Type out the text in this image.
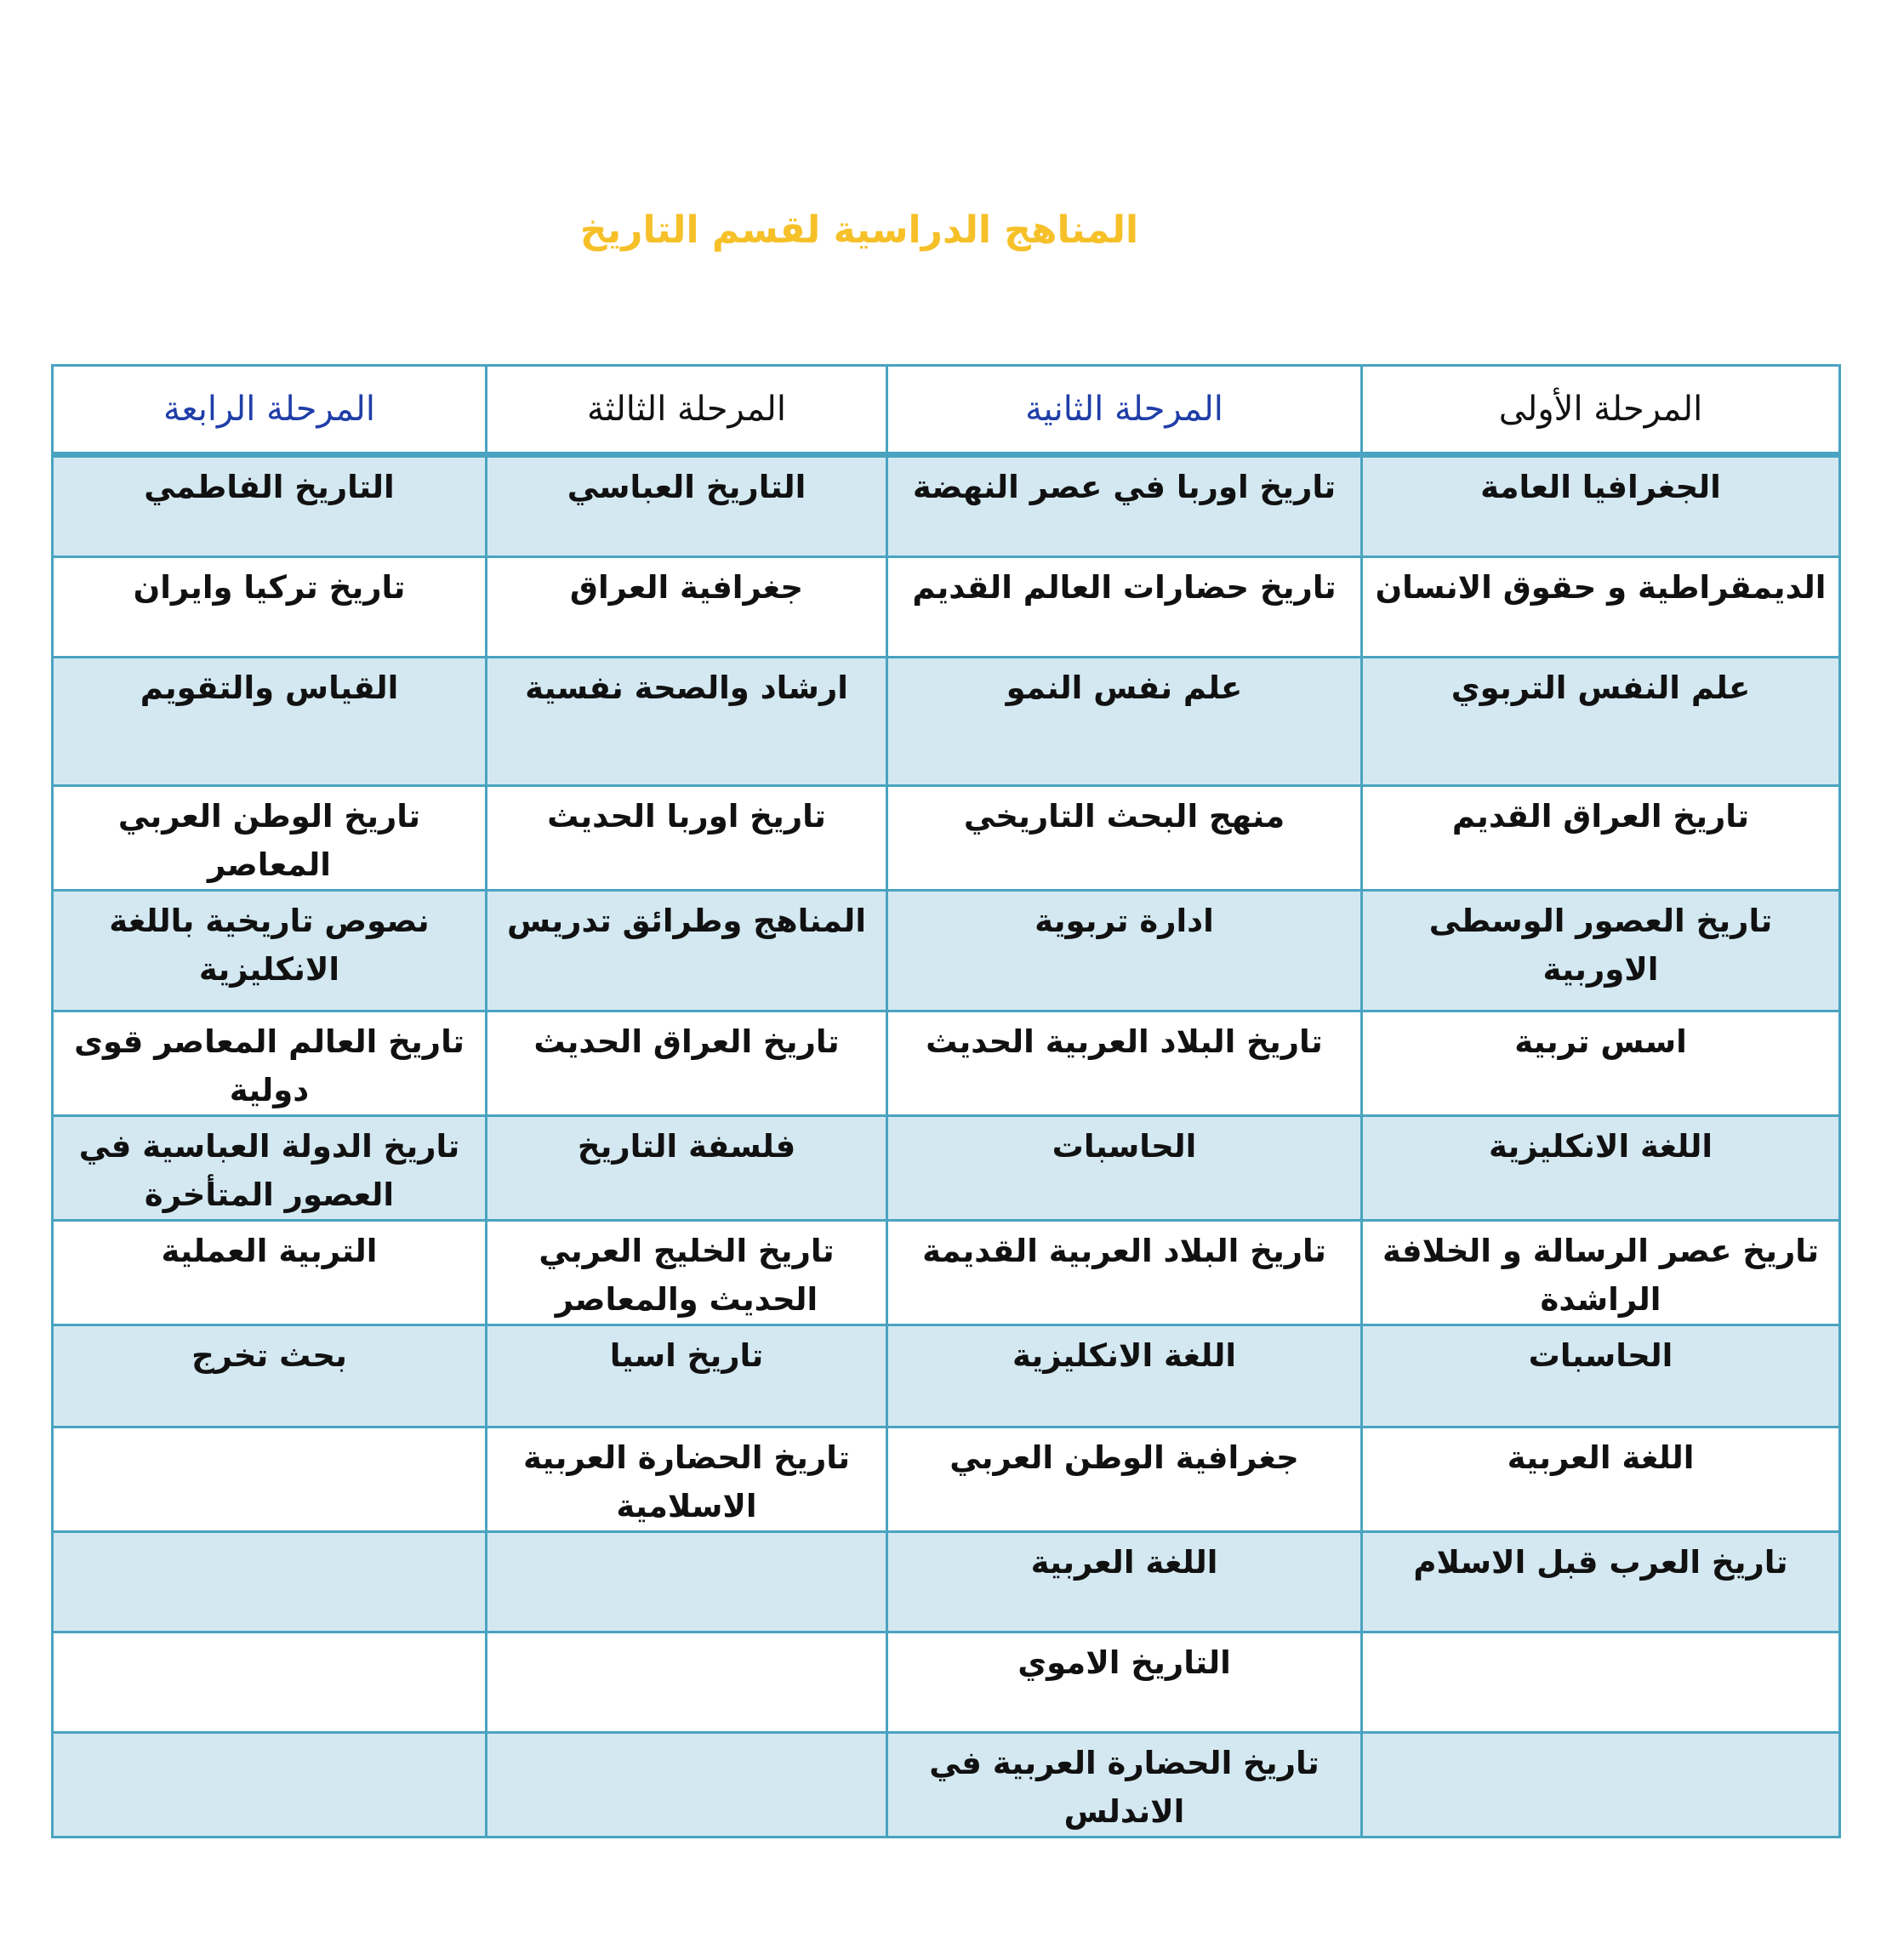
المناهج الدراسية لقسم التاريخ
المرحلة الأولى	المرحلة الثانية	المرحلة الثالثة	المرحلة الرابعة
الجغرافيا العامة	تاريخ اوربا في عصر النهضة	التاريخ العباسي	التاريخ الفاطمي
الديمقراطية و حقوق الانسان	تاريخ حضارات العالم القديم	جغرافية العراق	تاريخ تركيا وايران
علم النفس التربوي	علم نفس النمو	ارشاد والصحة نفسية	القياس والتقويم
تاريخ العراق القديم	منهج البحث التاريخي	تاريخ اوربا الحديث	تاريخ الوطن العربي المعاصر
تاريخ العصور الوسطى الاوربية	ادارة تربوية	المناهج وطرائق تدريس	نصوص تاريخية باللغة الانكليزية
اسس تربية	تاريخ البلاد العربية الحديث	تاريخ العراق الحديث	تاريخ العالم المعاصر قوى دولية
اللغة الانكليزية	الحاسبات	فلسفة التاريخ	تاريخ الدولة العباسية في العصور المتأخرة
تاريخ عصر الرسالة و الخلافة الراشدة	تاريخ البلاد العربية القديمة	تاريخ الخليج العربي الحديث والمعاصر	التربية العملية
الحاسبات	اللغة الانكليزية	تاريخ اسيا	بحث تخرج
اللغة العربية	جغرافية الوطن العربي	تاريخ الحضارة العربية الاسلامية	
تاريخ العرب قبل الاسلام	اللغة العربية		
	التاريخ الاموي		
	تاريخ الحضارة العربية في الاندلس		
